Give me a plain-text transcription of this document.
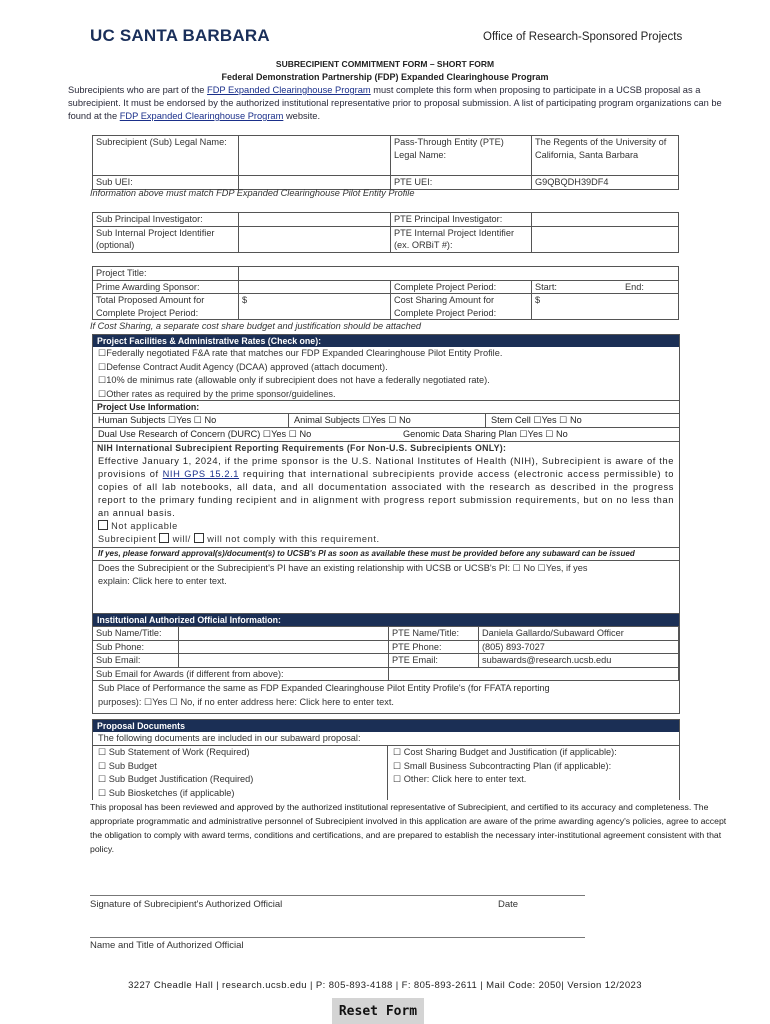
UC SANTA BARBARA	Office of Research-Sponsored Projects
SUBRECIPIENT COMMITMENT FORM – SHORT FORM
Federal Demonstration Partnership (FDP) Expanded Clearinghouse Program
Subrecipients who are part of the FDP Expanded Clearinghouse Program must complete this form when proposing to participate in a UCSB proposal as a subrecipient. It must be endorsed by the authorized institutional representative prior to proposal submission. A list of participating program organizations can be found at the FDP Expanded Clearinghouse Program website.
Subrecipient (Sub) Legal Name:		Pass-Through Entity (PTE) Legal Name:	The Regents of the University of California, Santa Barbara
Sub UEI:		PTE UEI:	G9QBQDH39DF4
Information above must match FDP Expanded Clearinghouse Pilot Entity Profile
Sub Principal Investigator:		PTE Principal Investigator:	
Sub Internal Project Identifier (optional)		PTE Internal Project Identifier (ex. ORBiT #):	
Project Title:			
Prime Awarding Sponsor:		Complete Project Period:	Start: End:
Total Proposed Amount for Complete Project Period:	$	Cost Sharing Amount for Complete Project Period:	$
If Cost Sharing, a separate cost share budget and justification should be attached
Project Facilities & Administrative Rates (Check one):
☐Federally negotiated F&A rate that matches our FDP Expanded Clearinghouse Pilot Entity Profile.
☐Defense Contract Audit Agency (DCAA) approved (attach document).
☐10% de minimus rate (allowable only if subrecipient does not have a federally negotiated rate).
☐Other rates as required by the prime sponsor/guidelines.
Project Use Information:
Human Subjects ☐Yes ☐ No	Animal Subjects ☐Yes ☐ No	Stem Cell ☐Yes ☐ No
Dual Use Research of Concern (DURC) ☐Yes ☐ No	Genomic Data Sharing Plan ☐Yes ☐ No
NIH International Subrecipient Reporting Requirements (For Non-U.S. Subrecipients ONLY):
Effective January 1, 2024, if the prime sponsor is the U.S. National Institutes of Health (NIH), Subrecipient is aware of the provisions of NIH GPS 15.2.1 requiring that international subrecipients provide access (electronic access permissible) to copies of all lab notebooks, all data, and all documentation associated with the research as described in the progress report to the primary funding recipient and in alignment with progress report submission requirements, but on no less than an annual basis.
Not applicable
Subrecipient will/ will not comply with this requirement.
If yes, please forward approval(s)/document(s) to UCSB's PI as soon as available these must be provided before any subaward can be issued
Does the Subrecipient or the Subrecipient's PI have an existing relationship with UCSB or UCSB's PI: ☐ No ☐Yes, if yes
explain: Click here to enter text.
Institutional Authorized Official Information:
Sub Name/Title:		PTE Name/Title:	Daniela Gallardo/Subaward Officer
Sub Phone:		PTE Phone:	(805) 893-7027
Sub Email:		PTE Email:	subawards@research.ucsb.edu
Sub Email for Awards (if different from above):			
Sub Place of Performance the same as FDP Expanded Clearinghouse Pilot Entity Profile's (for FFATA reporting
purposes): ☐Yes ☐ No, if no enter address here: Click here to enter text.
Proposal Documents
The following documents are included in our subaward proposal:
☐ Sub Statement of Work (Required)
☐ Sub Budget
☐ Sub Budget Justification (Required)
☐ Sub Biosketches (if applicable)
☐ Cost Sharing Budget and Justification (if applicable):
☐ Small Business Subcontracting Plan (if applicable):
☐ Other: Click here to enter text.
This proposal has been reviewed and approved by the authorized institutional representative of Subrecipient, and certified to its accuracy and completeness. The appropriate programmatic and administrative personnel of Subrecipient involved in this application are aware of the prime awarding agency's policies, agree to accept the obligation to comply with award terms, conditions and certifications, and are prepared to establish the necessary inter-institutional agreement consistent with that policy.
Signature of Subrecipient's Authorized Official	Date
Name and Title of Authorized Official
3227 Cheadle Hall | research.ucsb.edu | P: 805-893-4188 | F: 805-893-2611 | Mail Code: 2050| Version 12/2023
Reset Form
